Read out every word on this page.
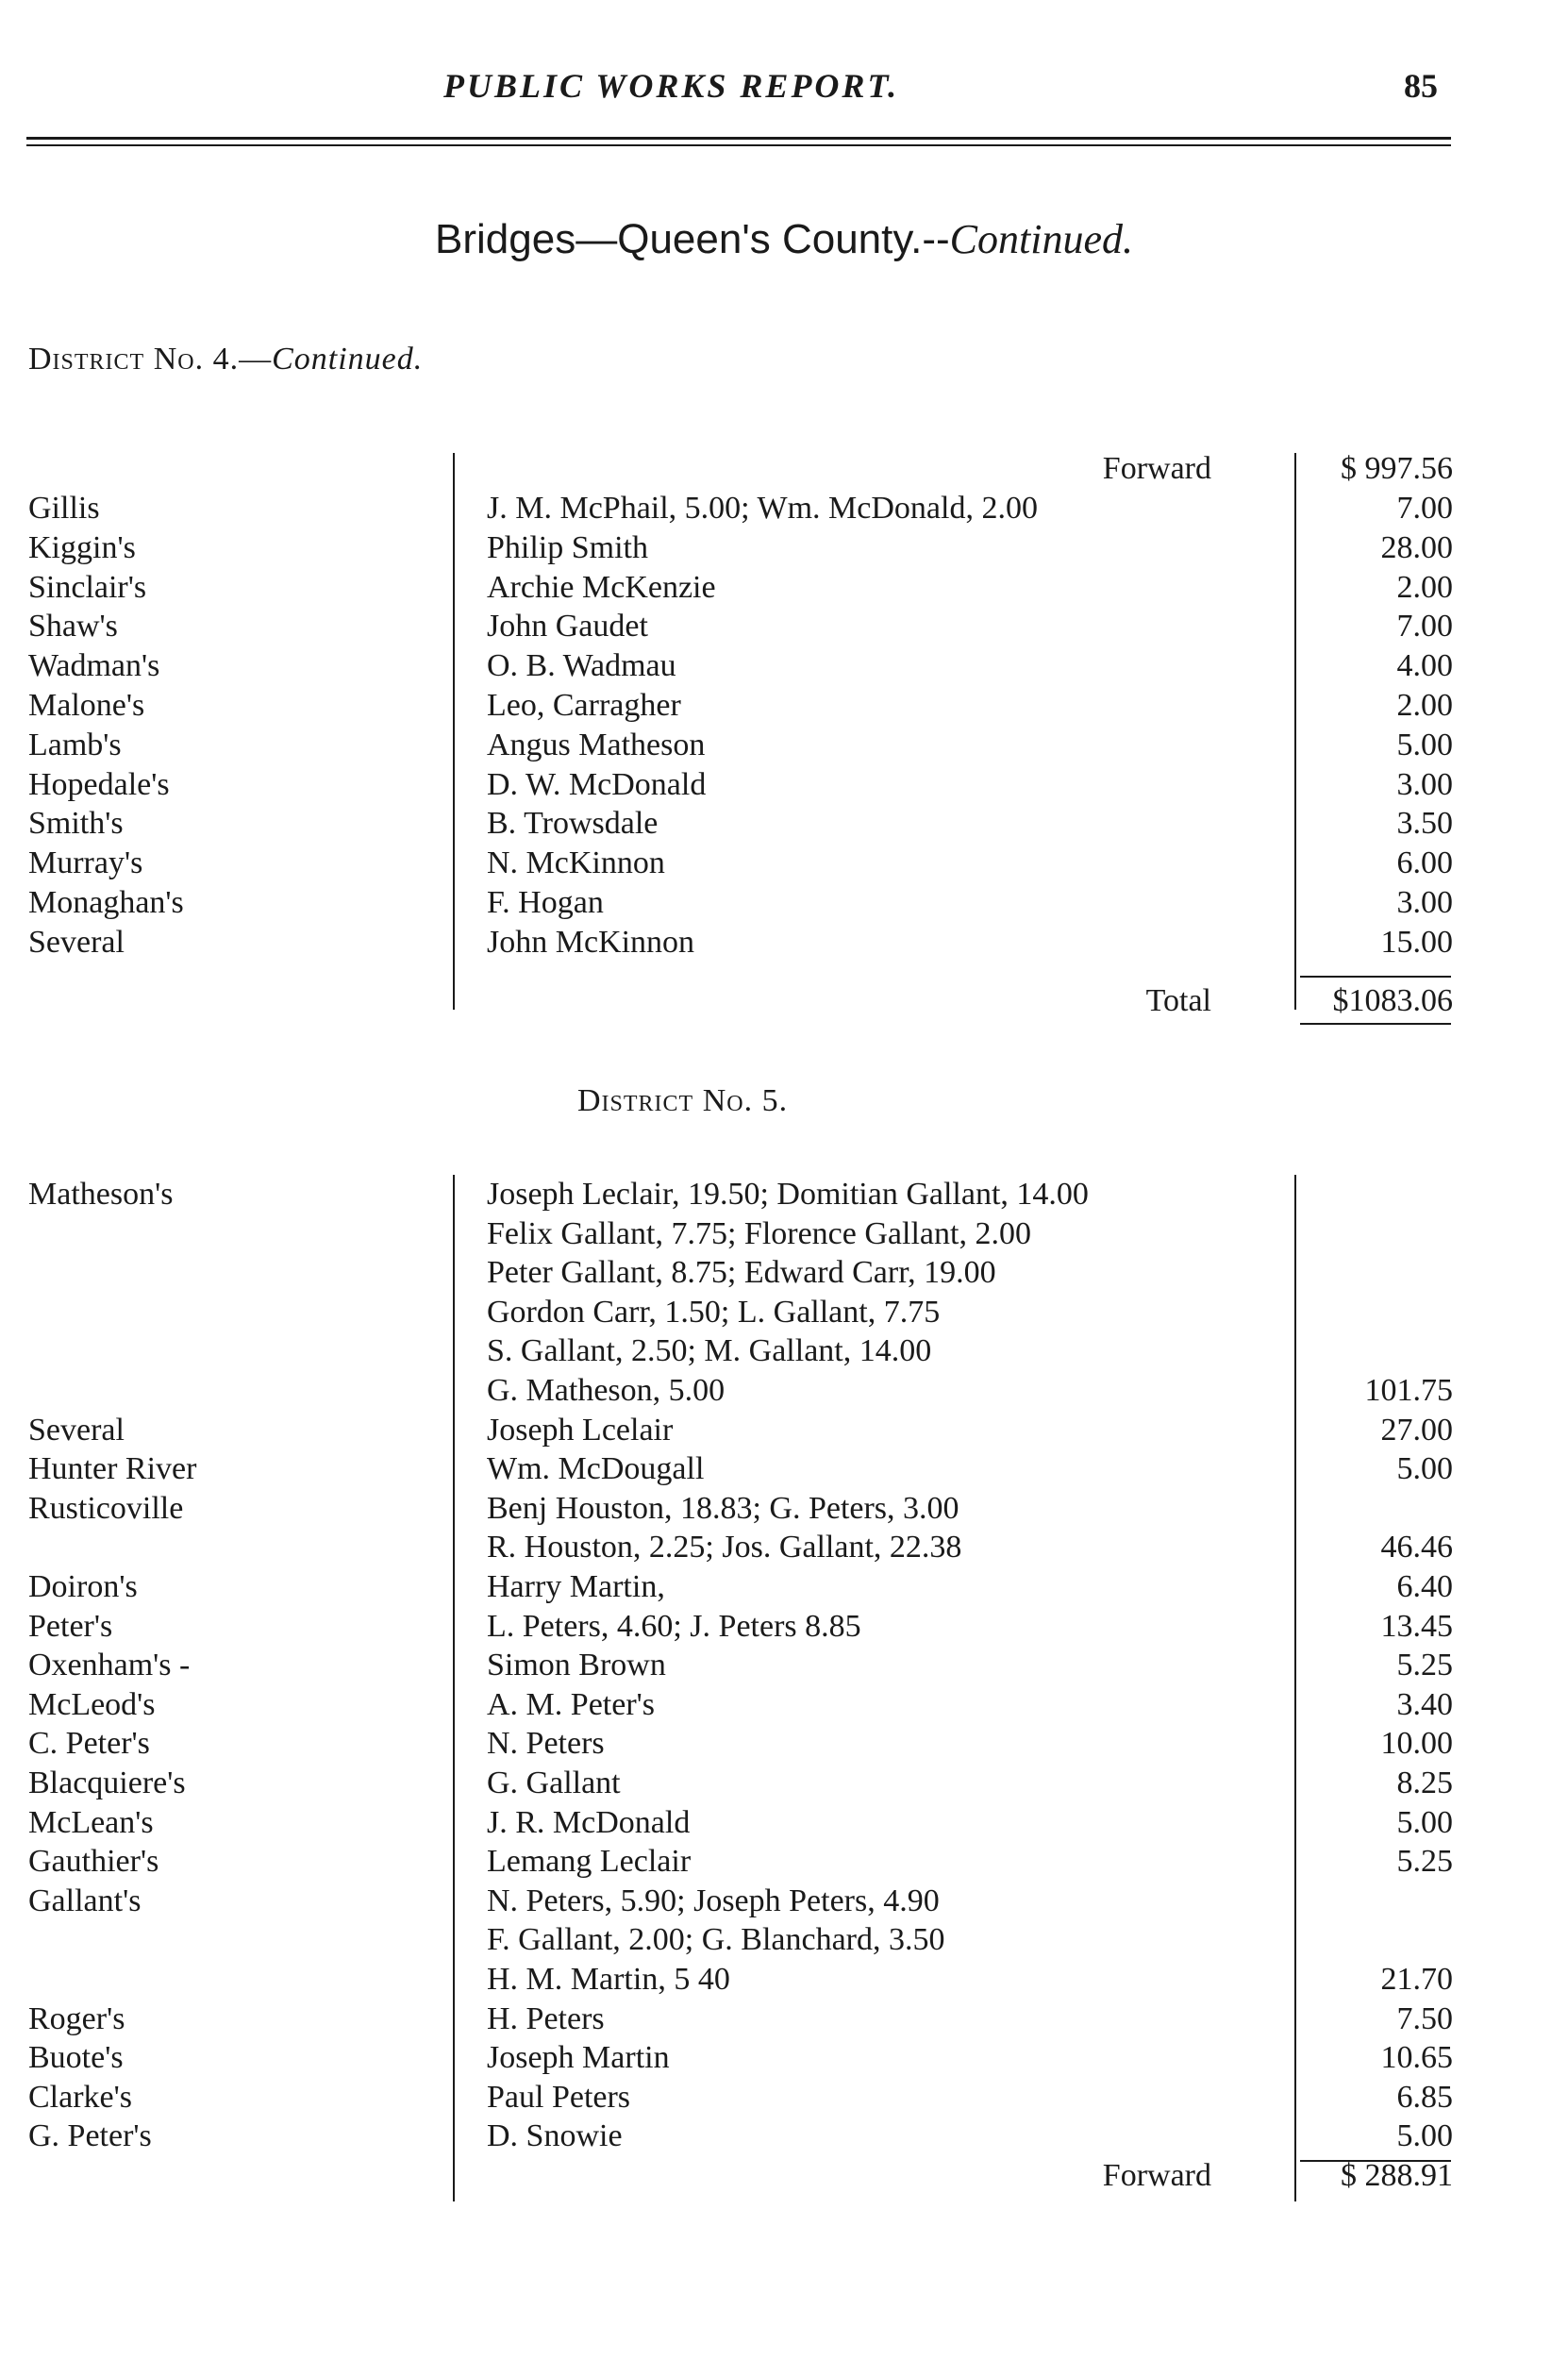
PUBLIC WORKS REPORT.	85
Bridges—Queen's County.--Continued.
District No. 4.—Continued.
Forward	$ 997.56
Gillis	J. M. McPhail, 5.00; Wm. McDonald, 2.00	7.00
Kiggin's	Philip Smith	28.00
Sinclair's	Archie McKenzie	2.00
Shaw's	John Gaudet	7.00
Wadman's	O. B. Wadmau	4.00
Malone's	Leo, Carragher	2.00
Lamb's	Angus Matheson	5.00
Hopedale's	D. W. McDonald	3.00
Smith's	B. Trowsdale	3.50
Murray's	N. McKinnon	6.00
Monaghan's	F. Hogan	3.00
Several	John McKinnon	15.00
Total	$1083.06
District No. 5.
Matheson's	Joseph Leclair, 19.50; Domitian Gallant, 14.00
Felix Gallant, 7.75; Florence Gallant, 2.00
Peter Gallant, 8.75; Edward Carr, 19.00
Gordon Carr, 1.50; L. Gallant, 7.75
S. Gallant, 2.50; M. Gallant, 14.00
G. Matheson, 5.00	101.75
Several	Joseph Lcelair	27.00
Hunter River	Wm. McDougall	5.00
Rusticoville	Benj Houston, 18.83; G. Peters, 3.00
R. Houston, 2.25; Jos. Gallant, 22.38	46.46
Doiron's	Harry Martin,	6.40
Peter's	L. Peters, 4.60; J. Peters 8.85	13.45
Oxenham's -	Simon Brown	5.25
McLeod's	A. M. Peter's	3.40
C. Peter's	N. Peters	10.00
Blacquiere's	G. Gallant	8.25
McLean's	J. R. McDonald	5.00
Gauthier's	Lemang Leclair	5.25
Gallant's	N. Peters, 5.90; Joseph Peters, 4.90
F. Gallant, 2.00; G. Blanchard, 3.50
H. M. Martin, 5 40	21.70
Roger's	H. Peters	7.50
Buote's	Joseph Martin	10.65
Clarke's	Paul Peters	6.85
G. Peter's	D. Snowie	5.00
Forward	$ 288.91
